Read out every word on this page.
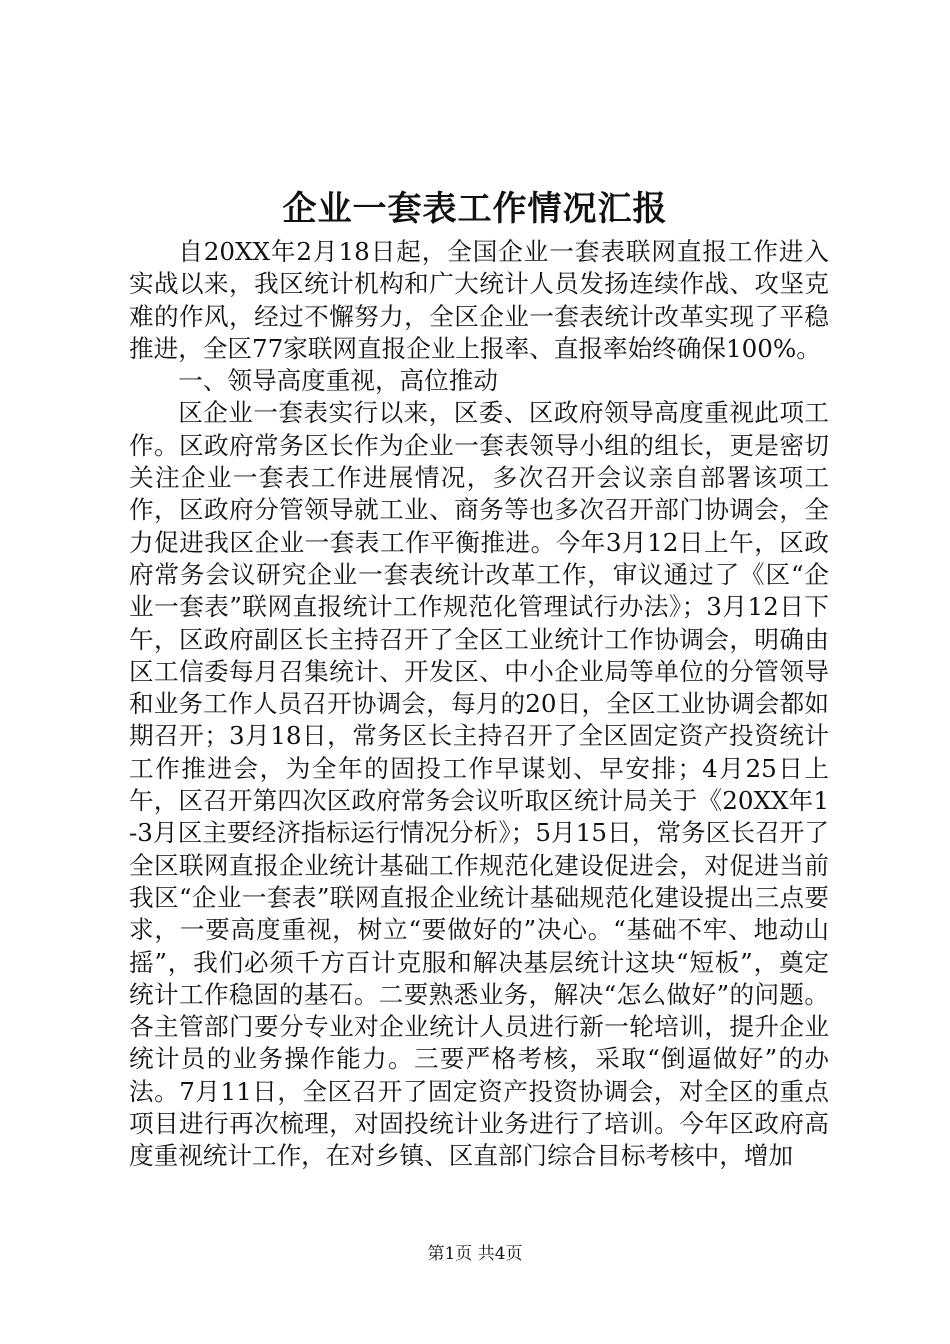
企业一套表工作情况汇报

自20XX年2月18日起，全国企业一套表联网直报工作进入实战以来，我区统计机构和广大统计人员发扬连续作战、攻坚克难的作风，经过不懈努力，全区企业一套表统计改革实现了平稳推进，全区77家联网直报企业上报率、直报率始终确保100%。

一、领导高度重视，高位推动

区企业一套表实行以来，区委、区政府领导高度重视此项工作。区政府常务区长作为企业一套表领导小组的组长，更是密切关注企业一套表工作进展情况，多次召开会议亲自部署该项工作，区政府分管领导就工业、商务等也多次召开部门协调会，全力促进我区企业一套表工作平衡推进。今年3月12日上午，区政府常务会议研究企业一套表统计改革工作，审议通过了《区“企业一套表”联网直报统计工作规范化管理试行办法》；3月12日下午，区政府副区长主持召开了全区工业统计工作协调会，明确由区工信委每月召集统计、开发区、中小企业局等单位的分管领导和业务工作人员召开协调会，每月的20日，全区工业协调会都如期召开；3月18日，常务区长主持召开了全区固定资产投资统计工作推进会，为全年的固投工作早谋划、早安排；4月25日上午，区召开第四次区政府常务会议听取区统计局关于《20XX年1-3月区主要经济指标运行情况分析》；5月15日，常务区长召开了全区联网直报企业统计基础工作规范化建设促进会，对促进当前我区“企业一套表”联网直报企业统计基础规范化建设提出三点要求，一要高度重视，树立“要做好的”决心。“基础不牢、地动山摇”，我们必须千方百计克服和解决基层统计这块“短板”，奠定统计工作稳固的基石。二要熟悉业务，解决“怎么做好”的问题。各主管部门要分专业对企业统计人员进行新一轮培训，提升企业统计员的业务操作能力。三要严格考核，采取“倒逼做好”的办法。7月11日，全区召开了固定资产投资协调会，对全区的重点项目进行再次梳理，对固投统计业务进行了培训。今年区政府高度重视统计工作，在对乡镇、区直部门综合目标考核中，增加

第1页 共4页
